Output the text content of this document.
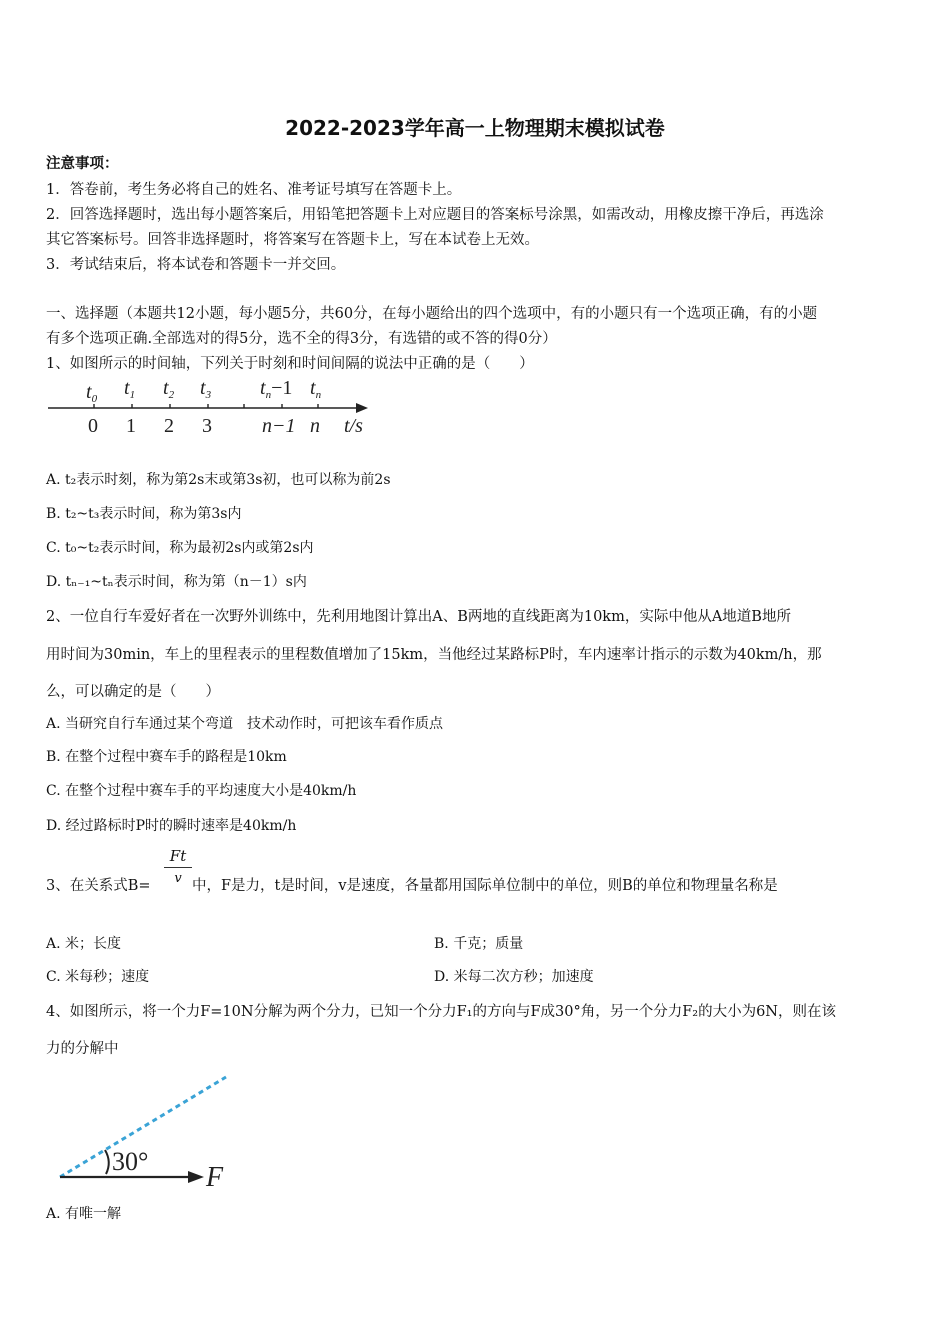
2022-2023学年高一上物理期末模拟试卷
注意事项：
1．答卷前，考生务必将自己的姓名、准考证号填写在答题卡上。
2．回答选择题时，选出每小题答案后，用铅笔把答题卡上对应题目的答案标号涂黑，如需改动，用橡皮擦干净后，再选涂
其它答案标号。回答非选择题时，将答案写在答题卡上，写在本试卷上无效。
3．考试结束后，将本试卷和答题卡一并交回。
一、选择题（本题共12小题，每小题5分，共60分，在每小题给出的四个选项中，有的小题只有一个选项正确，有的小题
有多个选项正确.全部选对的得5分，选不全的得3分，有选错的或不答的得0分）
1、如图所示的时间轴，下列关于时刻和时间间隔的说法中正确的是（　　）
$t_0$ $t_1$ $t_2$ $t_3$ $t_n-1$ $t_n$
0 1 2 3	n−1 n t/s
A. t₂表示时刻，称为第2s末或第3s初，也可以称为前2s
B. t₂~t₃表示时间，称为第3s内
C. t₀~t₂表示时间，称为最初2s内或第2s内
D. tₙ₋₁~tₙ表示时间，称为第（n－1）s内
2、一位自行车爱好者在一次野外训练中，先利用地图计算出A、B两地的直线距离为10km，实际中他从A地道B地所
用时间为30min，车上的里程表示的里程数值增加了15km，当他经过某路标P时，车内速率计指示的示数为40km/h，那
么，可以确定的是（　　）
A. 当研究自行车通过某个弯道　技术动作时，可把该车看作质点
B. 在整个过程中赛车手的路程是10km
C. 在整个过程中赛车手的平均速度大小是40km/h
D. 经过路标时P时的瞬时速率是40km/h
3、在关系式$B= \frac{Ft}{v}$ 中，F是力，t是时间，v是速度，各量都用国际单位制中的单位，则B的单位和物理量名称是
A. 米；长度	B. 千克；质量
C. 米每秒；速度	D. 米每二次方秒；加速度
4、如图所示，将一个力F=10N分解为两个分力，已知一个分力F₁的方向与F成30°角，另一个分力F₂的大小为6N，则在该
力的分解中
30°
F
A. 有唯一解
